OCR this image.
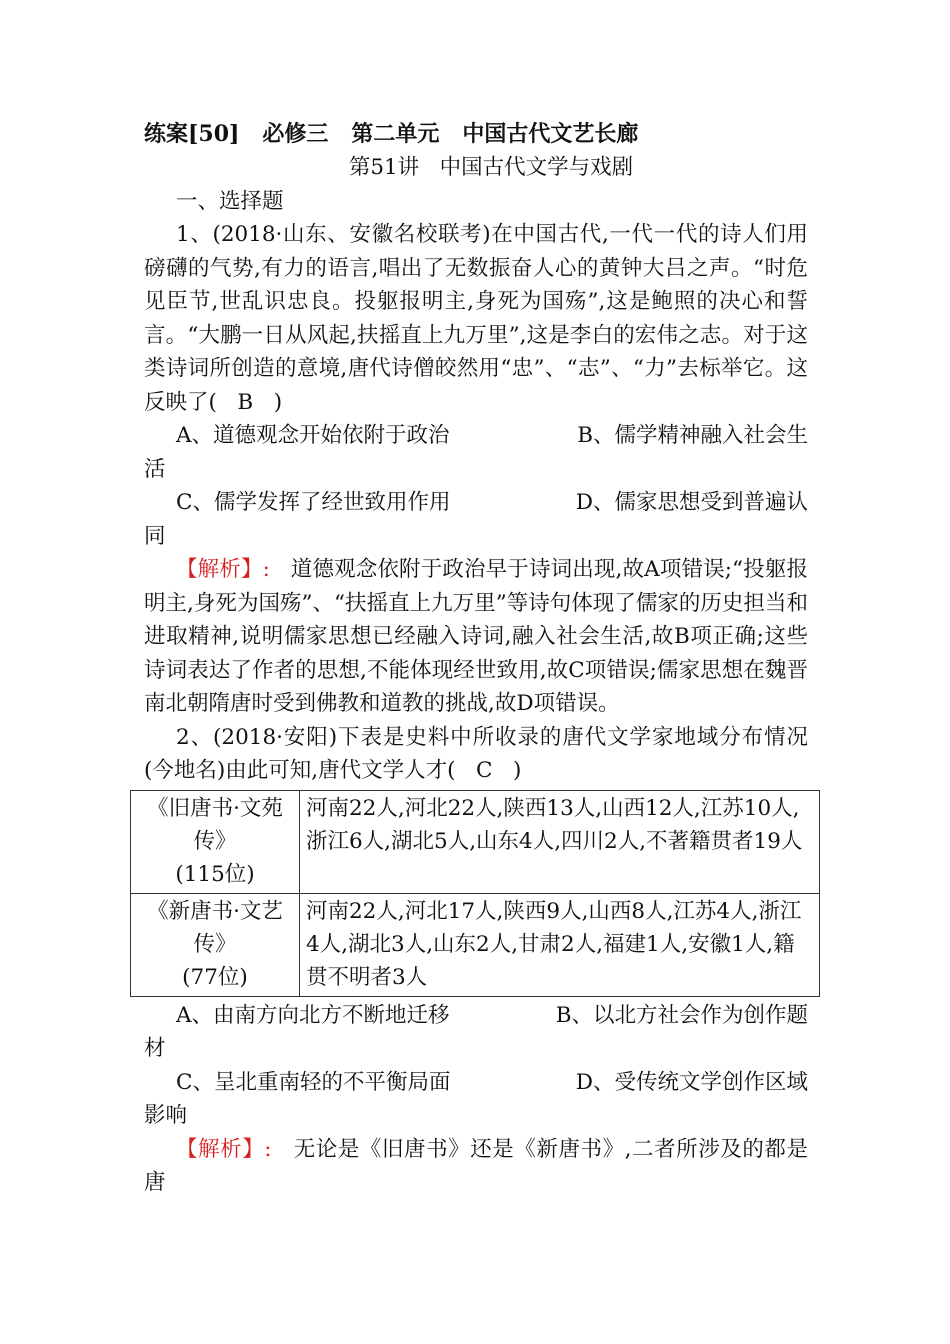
练案[50]   必修三   第二单元   中国古代文艺长廊

第51讲   中国古代文学与戏剧

一、选择题

1、(2018·山东、安徽名校联考)在中国古代,一代一代的诗人们用磅礴的气势,有力的语言,唱出了无数振奋人心的黄钟大吕之声。“时危见臣节,世乱识忠良。投躯报明主,身死为国殇”,这是鲍照的决心和誓言。“大鹏一日从风起,扶摇直上九万里”,这是李白的宏伟之志。对于这类诗词所创造的意境,唐代诗僧皎然用“忠”、“志”、“力”去标举它。这反映了(   B   )

A、道德观念开始依附于政治	B、儒学精神融入社会生

活

C、儒学发挥了经世致用作用	D、儒家思想受到普遍认

同

【解析】: 道德观念依附于政治早于诗词出现,故A项错误;“投躯报明主,身死为国殇”、“扶摇直上九万里”等诗句体现了儒家的历史担当和进取精神,说明儒家思想已经融入诗词,融入社会生活,故B项正确;这些诗词表达了作者的思想,不能体现经世致用,故C项错误;儒家思想在魏晋南北朝隋唐时受到佛教和道教的挑战,故D项错误。

2、(2018·安阳)下表是史料中所收录的唐代文学家地域分布情况(今地名)由此可知,唐代文学人才(   C   )

《旧唐书·文苑
传》
(115位)	河南22人,河北22人,陕西13人,山西12人,江苏10人,浙江6人,湖北5人,山东4人,四川2人,不著籍贯者19人

《新唐书·文艺
传》
(77位)	河南22人,河北17人,陕西9人,山西8人,江苏4人,浙江4人,湖北3人,山东2人,甘肃2人,福建1人,安徽1人,籍贯不明者3人
A、由南方向北方不断地迁移	B、以北方社会作为创作题

材

C、呈北重南轻的不平衡局面	D、受传统文学创作区域

影响

【解析】: 无论是《旧唐书》还是《新唐书》,二者所涉及的都是唐
